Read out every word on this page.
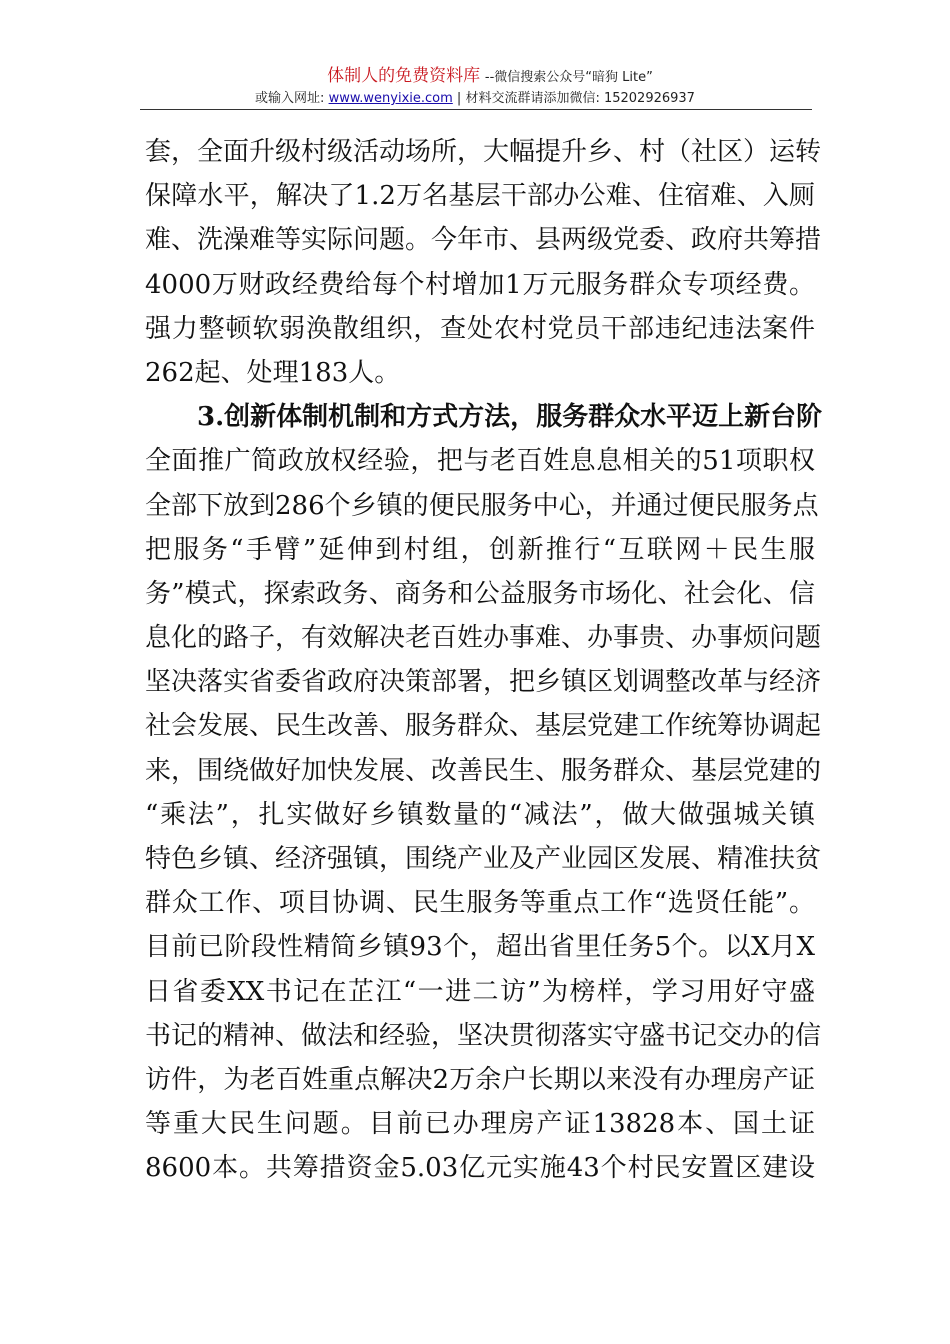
体制人的免费资料库 --微信搜索公众号“暗狗 Lite”
或输入网址: www.wenyixie.com | 材料交流群请添加微信: 15202926937
套，全面升级村级活动场所，大幅提升乡、村（社区）运转
保障水平，解决了1.2万名基层干部办公难、住宿难、入厕
难、洗澡难等实际问题。今年市、县两级党委、政府共筹措
4000万财政经费给每个村增加1万元服务群众专项经费。
强力整顿软弱涣散组织，查处农村党员干部违纪违法案件
262起、处理183人。
3.创新体制机制和方式方法，服务群众水平迈上新台阶
全面推广简政放权经验，把与老百姓息息相关的51项职权
全部下放到286个乡镇的便民服务中心，并通过便民服务点
把服务“手臂”延伸到村组，创新推行“互联网＋民生服
务”模式，探索政务、商务和公益服务市场化、社会化、信
息化的路子，有效解决老百姓办事难、办事贵、办事烦问题
坚决落实省委省政府决策部署，把乡镇区划调整改革与经济
社会发展、民生改善、服务群众、基层党建工作统筹协调起
来，围绕做好加快发展、改善民生、服务群众、基层党建的
“乘法”，扎实做好乡镇数量的“减法”，做大做强城关镇
特色乡镇、经济强镇，围绕产业及产业园区发展、精准扶贫
群众工作、项目协调、民生服务等重点工作“选贤任能”。
目前已阶段性精简乡镇93个，超出省里任务5个。以X月X
日省委XX书记在芷江“一进二访”为榜样，学习用好守盛
书记的精神、做法和经验，坚决贯彻落实守盛书记交办的信
访件，为老百姓重点解决2万余户长期以来没有办理房产证
等重大民生问题。目前已办理房产证13828本、国土证
8600本。共筹措资金5.03亿元实施43个村民安置区建设
